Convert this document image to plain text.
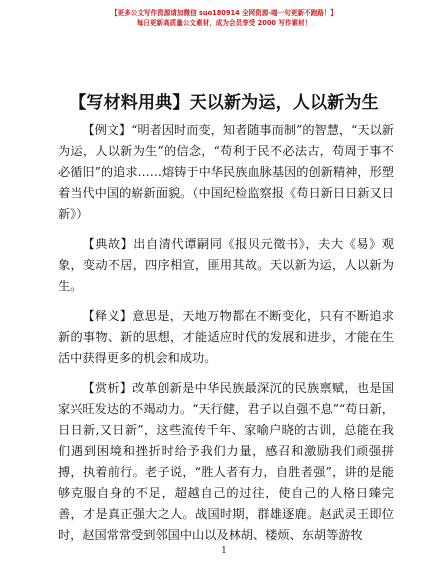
【更多公文写作资源请加微信 suo180914 全网资源-喵一句更新不跑路！】
每日更新高质量公文素材，成为会员享受 2000 写作素材！
【写材料用典】天以新为运，人以新为生

【例文】“明者因时而变，知者随事而制”的智慧，“天以新为运，人以新为生”的信念，“苟利于民不必法古，苟周于事不必循旧”的追求……熔铸于中华民族血脉基因的创新精神，形塑着当代中国的崭新面貌。（中国纪检监察报《苟日新日日新又日新》）

【典故】出自清代谭嗣同《报贝元徵书》，夫大《易》观象，变动不居，四序相宣，匪用其故。天以新为运，人以新为生。

【释义】意思是，天地万物都在不断变化，只有不断追求新的事物、新的思想，才能适应时代的发展和进步，才能在生活中获得更多的机会和成功。

【赏析】改革创新是中华民族最深沉的民族禀赋，也是国家兴旺发达的不竭动力。“天行健，君子以自强不息”“苟日新，日日新,又日新”，这些流传千年、家喻户晓的古训，总能在我们遇到困境和挫折时给予我们力量，感召和激励我们顽强拼搏，执着前行。老子说，“胜人者有力，自胜者强”，讲的是能够克服自身的不足，超越自己的过往，使自己的人格日臻完善，才是真正强大之人。战国时期，群雄逐鹿。赵武灵王即位时，赵国常常受到邻国中山以及林胡、楼烦、东胡等游牧

1
